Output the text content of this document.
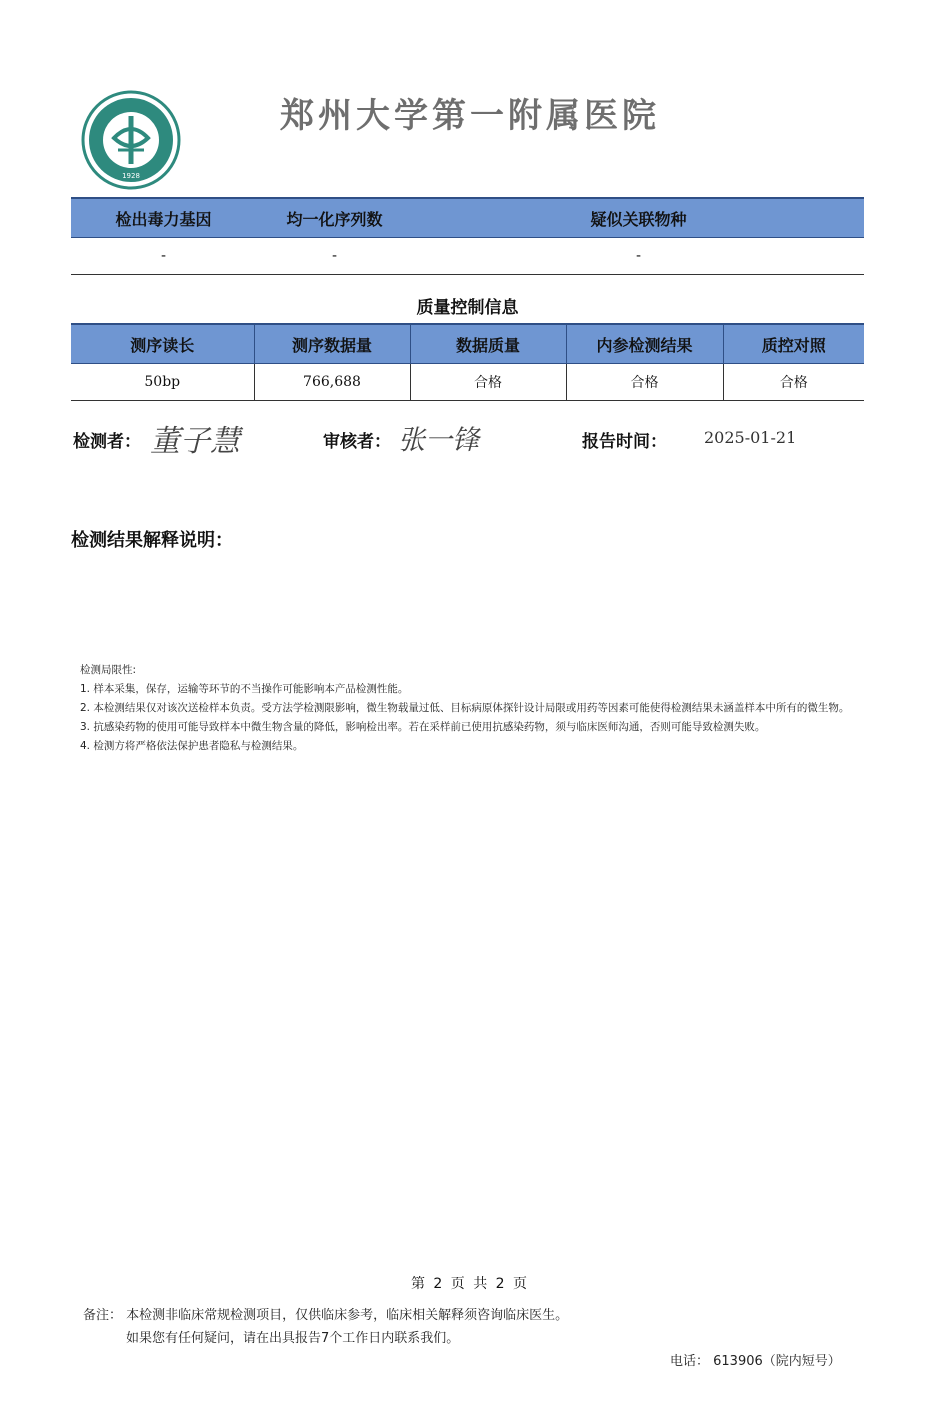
1928
郑州大学第一附属医院
检出毒力基因	均一化序列数	疑似关联物种
-	-	-
质量控制信息
测序读长	测序数据量	数据质量	内参检测结果	质控对照
50bp	766,688	合格	合格	合格
检测者： 董子慧	审核者： 张一锋	报告时间： 2025-01-21
检测结果解释说明：
检测局限性:
1. 样本采集，保存，运输等环节的不当操作可能影响本产品检测性能。
2. 本检测结果仅对该次送检样本负责。受方法学检测限影响，微生物载量过低、目标病原体探针设计局限或用药等因素可能使得检测结果未涵盖样本中所有的微生物。
3. 抗感染药物的使用可能导致样本中微生物含量的降低，影响检出率。若在采样前已使用抗感染药物，须与临床医师沟通，否则可能导致检测失败。
4. 检测方将严格依法保护患者隐私与检测结果。
第 2 页 共 2 页
备注： 本检测非临床常规检测项目，仅供临床参考，临床相关解释须咨询临床医生。
如果您有任何疑问，请在出具报告7个工作日内联系我们。
电话： 613906（院内短号）
